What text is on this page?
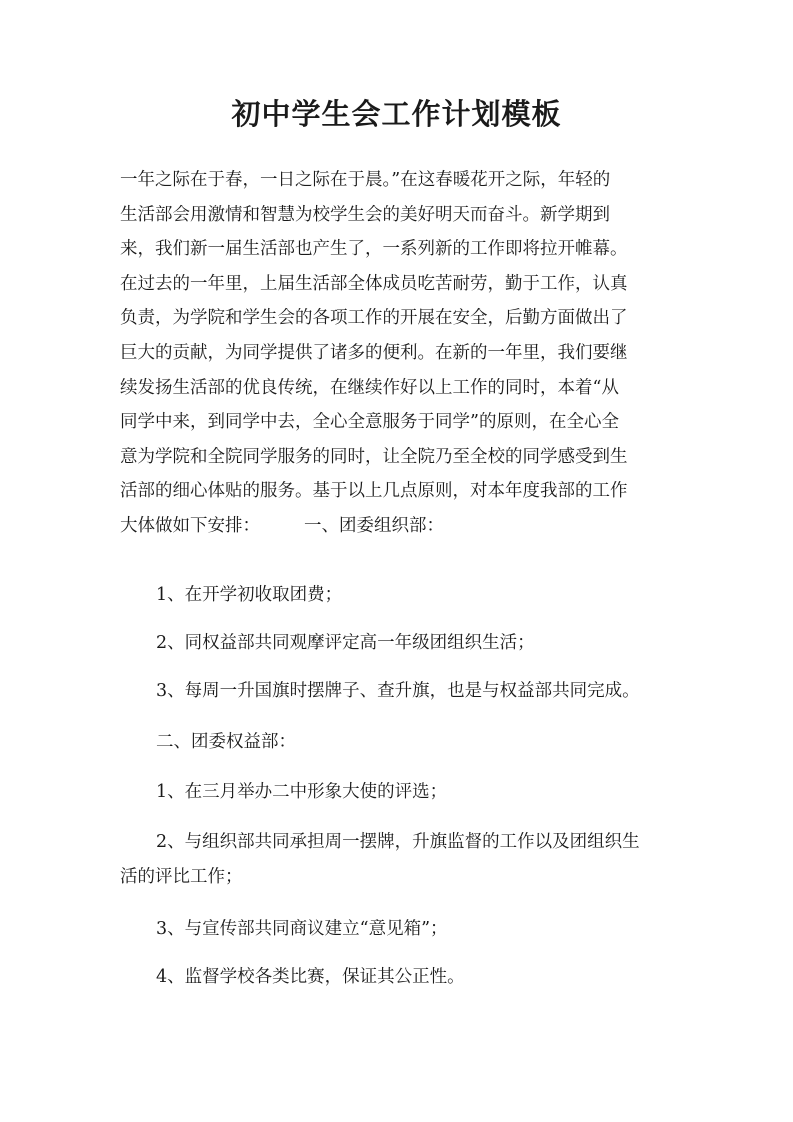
初中学生会工作计划模板
一年之际在于春，一日之际在于晨。”在这春暖花开之际，年轻的
生活部会用激情和智慧为校学生会的美好明天而奋斗。新学期到
来，我们新一届生活部也产生了，一系列新的工作即将拉开帷幕。
在过去的一年里，上届生活部全体成员吃苦耐劳，勤于工作，认真
负责，为学院和学生会的各项工作的开展在安全，后勤方面做出了
巨大的贡献，为同学提供了诸多的便利。在新的一年里，我们要继
续发扬生活部的优良传统，在继续作好以上工作的同时，本着“从
同学中来，到同学中去，全心全意服务于同学”的原则，在全心全
意为学院和全院同学服务的同时，让全院乃至全校的同学感受到生
活部的细心体贴的服务。基于以上几点原则，对本年度我部的工作
大体做如下安排：	一、团委组织部：
1、在开学初收取团费；
2、同权益部共同观摩评定高一年级团组织生活；
3、每周一升国旗时摆牌子、查升旗，也是与权益部共同完成。
二、团委权益部：
1、在三月举办二中形象大使的评选；
2、与组织部共同承担周一摆牌，升旗监督的工作以及团组织生
活的评比工作；
3、与宣传部共同商议建立“意见箱”；
4、监督学校各类比赛，保证其公正性。
